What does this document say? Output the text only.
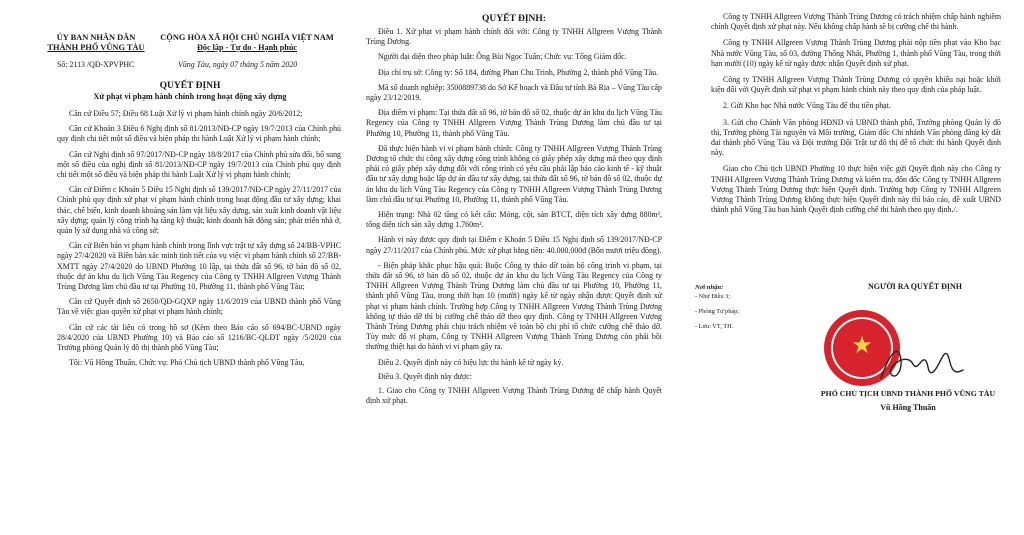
ỦY BAN NHÂN DÂN

THÀNH PHỐ VŨNG TÀU

CỘNG HÒA XÃ HỘI CHỦ NGHĨA VIỆT NAM

Độc lập - Tự do - Hạnh phúc

Số: 2113 /QĐ-XPVPHC	Vũng Tàu, ngày 07 tháng 5 năm 2020

QUYẾT ĐỊNH

Xử phạt vi phạm hành chính trong hoạt động xây dựng

Căn cứ Điều 57; Điều 68 Luật Xử lý vi phạm hành chính ngày 20/6/2012;

Căn cứ Khoản 3 Điều 6 Nghị định số 81/2013/NĐ-CP ngày 19/7/2013 của Chính phủ quy định chi tiết một số điều và biện pháp thi hành Luật Xử lý vi phạm hành chính;

Căn cứ Nghị định số 97/2017/NĐ-CP ngày 18/8/2017 của Chính phủ sửa đổi, bổ sung một số điều của nghị định số 81/2013/NĐ-CP ngày 19/7/2013 của Chính phủ quy định chi tiết một số điều và biện pháp thi hành Luật Xử lý vi phạm hành chính;

Căn cứ Điểm c Khoản 5 Điều 15 Nghị định số 139/2017/NĐ-CP ngày 27/11/2017 của Chính phủ quy định xử phạt vi phạm hành chính trong hoạt động đầu tư xây dựng; khai thác, chế biến, kinh doanh khoáng sản làm vật liệu xây dựng, sản xuất kinh doanh vật liệu xây dựng; quản lý công trình hạ tầng kỹ thuật; kinh doanh bất động sản; phát triển nhà ở, quản lý sử dụng nhà và công sở;

Căn cứ Biên bản vi phạm hành chính trong lĩnh vực trật tự xây dựng số 24/BB-VPHC ngày 27/4/2020 và Biên bản xác minh tình tiết của vụ việc vi phạm hành chính số 27/BB-XMTT ngày 27/4/2020 do UBND Phường 10 lập, tại thửa đất số 96, tờ bản đồ số 02, thuộc dự án khu du lịch Vũng Tàu Regency của Công ty TNHH Allgreen Vượng Thành Trùng Dương làm chủ đầu tư tại Phường 10, Phường 11, thành phố Vũng Tàu;

Căn cứ Quyết định số 2650/QĐ-GQXP ngày 11/6/2019 của UBND thành phố Vũng Tàu về việc giao quyền xử phạt vi phạm hành chính;

Căn cứ các tài liệu có trong hồ sơ (Kèm theo Báo cáo số 694/BC-UBND ngày 28/4/2020 của UBND Phường 10) và Báo cáo số 1216/BC-QLĐT ngày /5/2020 của Trưởng phòng Quản lý đô thị thành phố Vũng Tàu;

Tôi: Vũ Hồng Thuấn, Chức vụ: Phó Chủ tịch UBND thành phố Vũng Tàu,

QUYẾT ĐỊNH:

Điều 1. Xử phạt vi phạm hành chính đối với: Công ty TNHH Allgreen Vượng Thành Trùng Dương.

Người đại diện theo pháp luật: Ông Bùi Ngọc Tuấn; Chức vụ: Tổng Giám đốc.

Địa chỉ trụ sở: Công ty: Số 184, đường Phan Chu Trinh, Phường 2, thành phố Vũng Tàu.

Mã số doanh nghiệp: 3500889738 do Sở Kế hoạch và Đầu tư tỉnh Bà Rịa – Vũng Tàu cấp ngày 23/12/2019.

Địa điểm vi phạm: Tại thửa đất số 96, tờ bản đồ số 02, thuộc dự án khu du lịch Vũng Tàu Regency của Công ty TNHH Allgreen Vượng Thành Trùng Dương làm chủ đầu tư tại Phường 10, Phường 11, thành phố Vũng Tàu.

Đã thực hiện hành vi vi phạm hành chính: Công ty TNHH Allgreen Vượng Thành Trùng Dương tổ chức thi công xây dựng công trình không có giấy phép xây dựng mà theo quy định phải có giấy phép xây dựng đối với công trình có yêu cầu phải lập báo cáo kinh tế - kỹ thuật đầu tư xây dựng hoặc lập dự án đầu tư xây dựng, tại thửa đất số 96, tờ bản đồ số 02, thuộc dự án khu du lịch Vũng Tàu Regency của Công ty TNHH Allgreen Vượng Thành Trùng Dương làm chủ đầu tư tại Phường 10, Phường 11, thành phố Vũng Tàu.

Hiện trạng: Nhà 02 tầng có kết cấu: Móng, cột, sàn BTCT, diện tích xây dựng 880m², tổng diện tích sàn xây dựng 1.760m².

Hành vi này được quy định tại Điểm c Khoản 5 Điều 15 Nghị định số 139/2017/NĐ-CP ngày 27/11/2017 của Chính phủ. Mức xử phạt bằng tiền: 40.000.000đ (Bốn mươi triệu đồng).

- Biện pháp khắc phục hậu quả: Buộc Công ty tháo dỡ toàn bộ công trình vi phạm, tại thửa đất số 96, tờ bản đồ số 02, thuộc dự án khu du lịch Vũng Tàu Regency của Công ty TNHH Allgreen Vượng Thành Trùng Dương làm chủ đầu tư tại Phường 10, Phường 11, thành phố Vũng Tàu, trong thời hạn 10 (mười) ngày kể từ ngày nhận được Quyết định xử phạt vi phạm hành chính. Trường hợp Công ty TNHH Allgreen Vượng Thành Trùng Dương không tự tháo dỡ thì bị cưỡng chế tháo dỡ theo quy định. Công ty TNHH Allgreen Vượng Thành Trùng Dương phải chịu trách nhiệm về toàn bộ chi phí tổ chức cưỡng chế tháo dỡ. Tùy mức độ vi phạm, Công ty TNHH Allgreen Vượng Thành Trùng Dương còn phải bồi thường thiệt hại do hành vi vi phạm gây ra.

Điều 2. Quyết định này có hiệu lực thi hành kể từ ngày ký.

Điều 3. Quyết định này được:

1. Giao cho Công ty TNHH Allgreen Vượng Thành Trùng Dương để chấp hành Quyết định xử phạt.

Công ty TNHH Allgreen Vượng Thành Trùng Dương có trách nhiệm chấp hành nghiêm chỉnh Quyết định xử phạt này. Nếu không chấp hành sẽ bị cưỡng chế thi hành.

Công ty TNHH Allgreen Vượng Thành Trùng Dương phải nộp tiền phạt vào Kho bạc Nhà nước Vũng Tàu, số 03, đường Thống Nhất, Phường 1, thành phố Vũng Tàu, trong thời hạn mười (10) ngày kể từ ngày được nhận Quyết định xử phạt.

Công ty TNHH Allgreen Vượng Thành Trùng Dương có quyền khiếu nại hoặc khởi kiện đối với Quyết định xử phạt vi phạm hành chính này theo quy định của pháp luật.

2. Gửi Kho bạc Nhà nước Vũng Tàu để thu tiền phạt.

3. Gửi cho Chánh Văn phòng HĐND và UBND thành phố, Trưởng phòng Quản lý đô thị, Trưởng phòng Tài nguyên và Môi trường, Giám đốc Chi nhánh Văn phòng đăng ký đất đai thành phố Vũng Tàu và Đội trưởng Đội Trật tự đô thị để tổ chức thi hành Quyết định này.

Giao cho Chủ tịch UBND Phường 10 thực hiện việc gửi Quyết định này cho Công ty TNHH Allgreen Vượng Thành Trùng Dương và kiểm tra, đôn đốc Công ty TNHH Allgreen Vượng Thành Trùng Dương thực hiện Quyết định. Trường hợp Công ty TNHH Allgreen Vượng Thành Trùng Dương không thực hiện Quyết định này thì báo cáo, đề xuất UBND thành phố Vũng Tàu ban hành Quyết định cưỡng chế thi hành theo quy định./.

Nơi nhận:

- Như Điều 3;

- Phòng Tư pháp;

- Lưu: VT, TH.

NGƯỜI RA QUYẾT ĐỊNH

★

PHÓ CHỦ TỊCH UBND THÀNH PHỐ VŨNG TÀU

Vũ Hồng Thuấn
